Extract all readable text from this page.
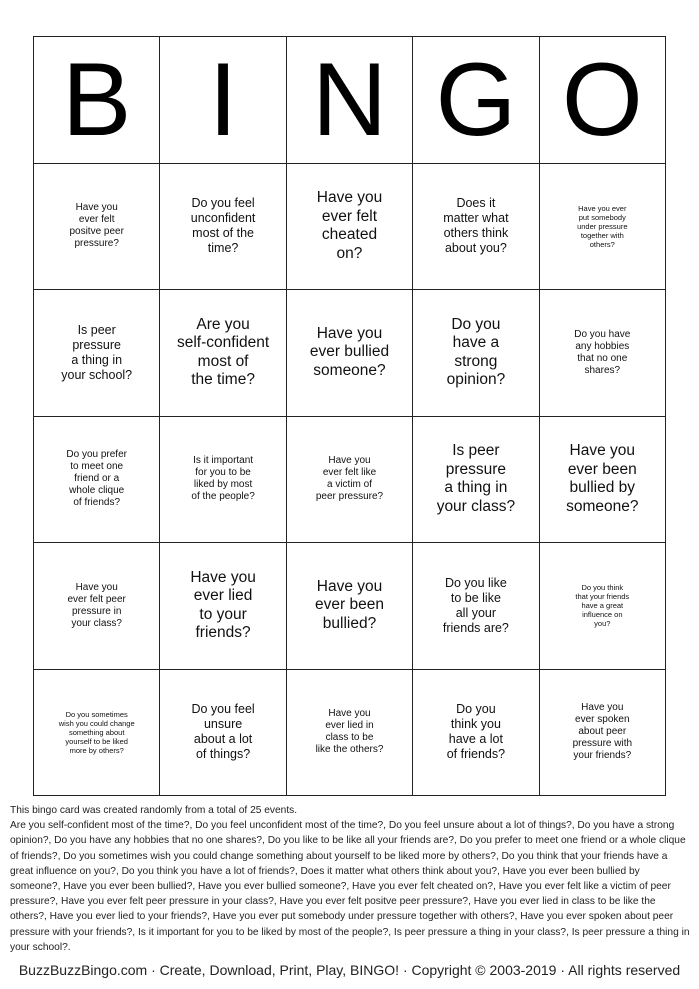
B I N G O
Have you
ever felt
positve peer
pressure?
Do you feel
unconfident
most of the
time?
Have you
ever felt
cheated
on?
Does it
matter what
others think
about you?
Have you ever
put somebody
under pressure
together with
others?
Is peer
pressure
a thing in
your school?
Are you
self-confident
most of
the time?
Have you
ever bullied
someone?
Do you
have a
strong
opinion?
Do you have
any hobbies
that no one
shares?
Do you prefer
to meet one
friend or a
whole clique
of friends?
Is it important
for you to be
liked by most
of the people?
Have you
ever felt like
a victim of
peer pressure?
Is peer
pressure
a thing in
your class?
Have you
ever been
bullied by
someone?
Have you
ever felt peer
pressure in
your class?
Have you
ever lied
to your
friends?
Have you
ever been
bullied?
Do you like
to be like
all your
friends are?
Do you think
that your friends
have a great
influence on
you?
Do you sometimes
wish you could change
something about
yourself to be liked
more by others?
Do you feel
unsure
about a lot
of things?
Have you
ever lied in
class to be
like the others?
Do you
think you
have a lot
of friends?
Have you
ever spoken
about peer
pressure with
your friends?

This bingo card was created randomly from a total of 25 events.

Are you self-confident most of the time?, Do you feel unconfident most of the time?, Do you feel unsure about a lot of things?, Do you have a strong opinion?, Do you have any hobbies that no one shares?, Do you like to be like all your friends are?, Do you prefer to meet one friend or a whole clique of friends?, Do you sometimes wish you could change something about yourself to be liked more by others?, Do you think that your friends have a great influence on you?, Do you think you have a lot of friends?, Does it matter what others think about you?, Have you ever been bullied by someone?, Have you ever been bullied?, Have you ever bullied someone?, Have you ever felt cheated on?, Have you ever felt like a victim of peer pressure?, Have you ever felt peer pressure in your class?, Have you ever felt positve peer pressure?, Have you ever lied in class to be like the others?, Have you ever lied to your friends?, Have you ever put somebody under pressure together with others?, Have you ever spoken about peer pressure with your friends?, Is it important for you to be liked by most of the people?, Is peer pressure a thing in your class?, Is peer pressure a thing in your school?.

BuzzBuzzBingo.com · Create, Download, Print, Play, BINGO! · Copyright © 2003-2019 · All rights reserved
